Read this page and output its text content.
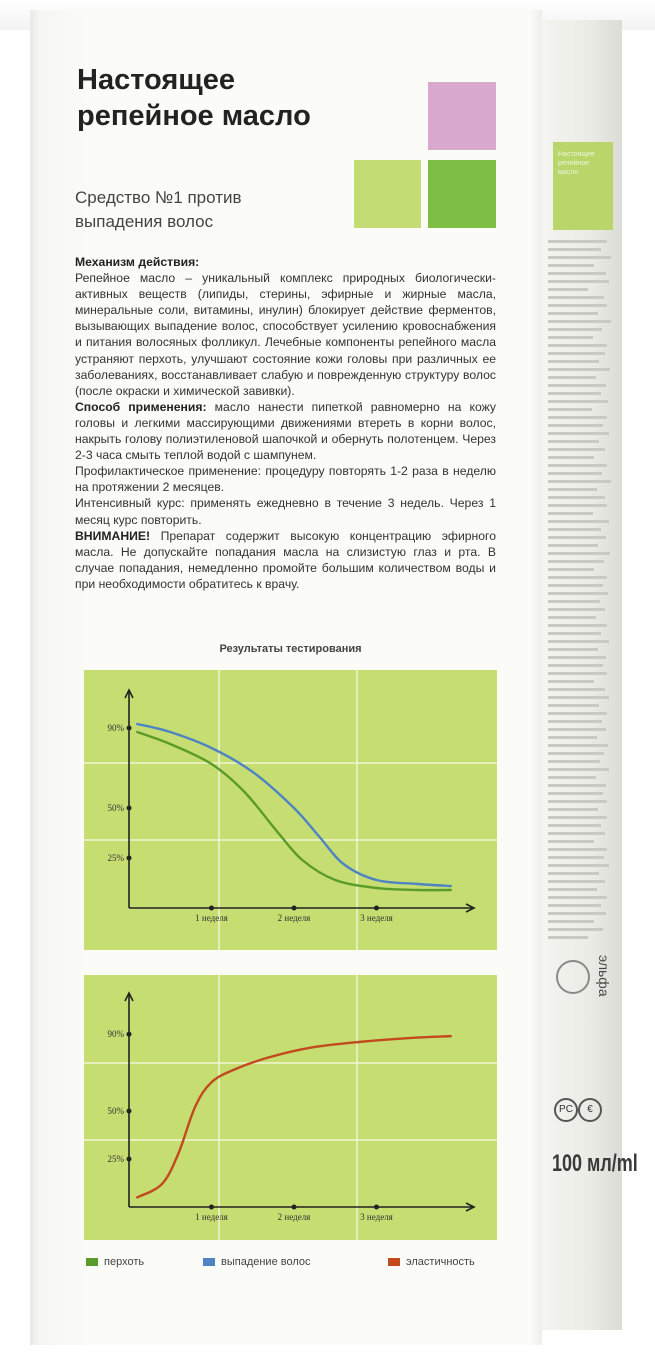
Настоящее репейное масло
эльфа
PC	€
100 мл/ml
Настоящее
репейное масло
Средство №1 против
выпадения волос

Механизм действия:

Репейное масло – уникальный комплекс природных биологически-активных веществ (липиды, стерины, эфирные и жирные масла, минеральные соли, витамины, инулин) блокирует действие ферментов, вызывающих выпадение волос, способствует усилению кровоснабжения и питания волосяных фолликул. Лечебные компоненты репейного масла устраняют перхоть, улучшают состояние кожи головы при различных ее заболеваниях, восстанавливает слабую и поврежденную структуру волос (после окраски и химической завивки).

Способ применения: масло нанести пипеткой равномерно на кожу головы и легкими массирующими движениями втереть в корни волос, накрыть голову полиэтиленовой шапочкой и обернуть полотенцем. Через 2-3 часа смыть теплой водой с шампунем.

Профилактическое применение: процедуру повторять 1-2 раза в неделю на протяжении 2 месяцев.

Интенсивный курс: применять ежедневно в течение 3 недель. Через 1 месяц курс повторить.

ВНИМАНИЕ! Препарат содержит высокую концентрацию эфирного масла. Не допускайте попадания масла на слизистую глаз и рта. В случае попадания, немедленно промойте большим количеством воды и при необходимости обратитесь к врачу.

Результаты тестирования
90%
50%
25%
1 неделя	2 неделя	3 неделя
90%
50%
25%
1 неделя	2 неделя	3 неделя
перхоть	выпадение волос	эластичность
